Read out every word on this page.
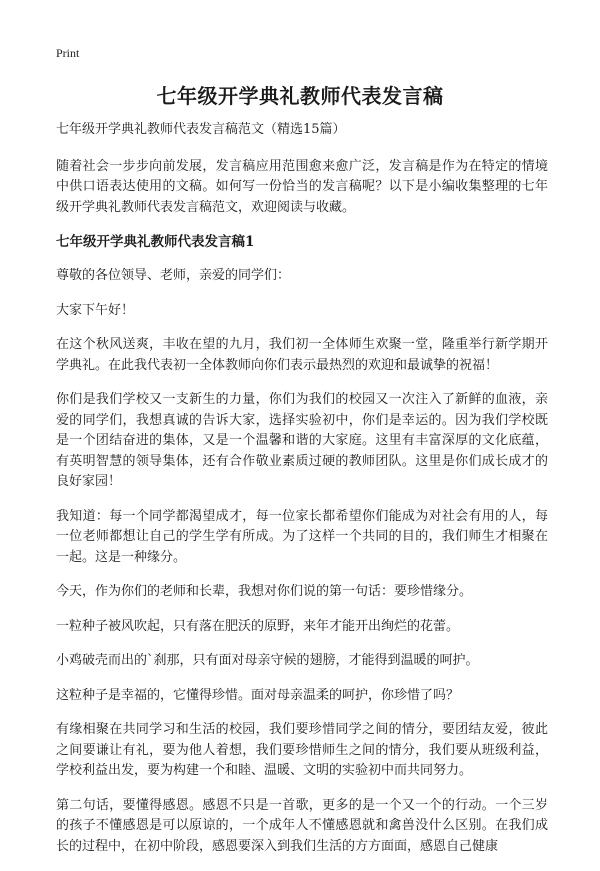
Print
七年级开学典礼教师代表发言稿

七年级开学典礼教师代表发言稿范文（精选15篇）

随着社会一步步向前发展，发言稿应用范围愈来愈广泛，发言稿是作为在特定的情境中供口语表达使用的文稿。如何写一份恰当的发言稿呢？以下是小编收集整理的七年级开学典礼教师代表发言稿范文，欢迎阅读与收藏。

七年级开学典礼教师代表发言稿1

尊敬的各位领导、老师，亲爱的同学们：

大家下午好！

在这个秋风送爽，丰收在望的九月，我们初一全体师生欢聚一堂，隆重举行新学期开学典礼。在此我代表初一全体教师向你们表示最热烈的欢迎和最诚挚的祝福！

你们是我们学校又一支新生的力量，你们为我们的校园又一次注入了新鲜的血液，亲爱的同学们，我想真诚的告诉大家，选择实验初中，你们是幸运的。因为我们学校既是一个团结奋进的集体，又是一个温馨和谐的大家庭。这里有丰富深厚的文化底蕴，有英明智慧的领导集体，还有合作敬业素质过硬的教师团队。这里是你们成长成才的良好家园！

我知道：每一个同学都渴望成才，每一位家长都希望你们能成为对社会有用的人，每一位老师都想让自己的学生学有所成。为了这样一个共同的目的，我们师生才相聚在一起。这是一种缘分。

今天，作为你们的老师和长辈，我想对你们说的第一句话：要珍惜缘分。

一粒种子被风吹起，只有落在肥沃的原野，来年才能开出绚烂的花蕾。

小鸡破壳而出的`刹那，只有面对母亲守候的翅膀，才能得到温暖的呵护。

这粒种子是幸福的，它懂得珍惜。面对母亲温柔的呵护，你珍惜了吗？

有缘相聚在共同学习和生活的校园，我们要珍惜同学之间的情分，要团结友爱，彼此之间要谦让有礼，要为他人着想，我们要珍惜师生之间的情分，我们要从班级利益，学校利益出发，要为构建一个和睦、温暖、文明的实验初中而共同努力。

第二句话，要懂得感恩。感恩不只是一首歌，更多的是一个又一个的行动。一个三岁的孩子不懂感恩是可以原谅的，一个成年人不懂感恩就和禽兽没什么区别。在我们成长的过程中，在初中阶段，感恩要深入到我们生活的方方面面，感恩自己健康
